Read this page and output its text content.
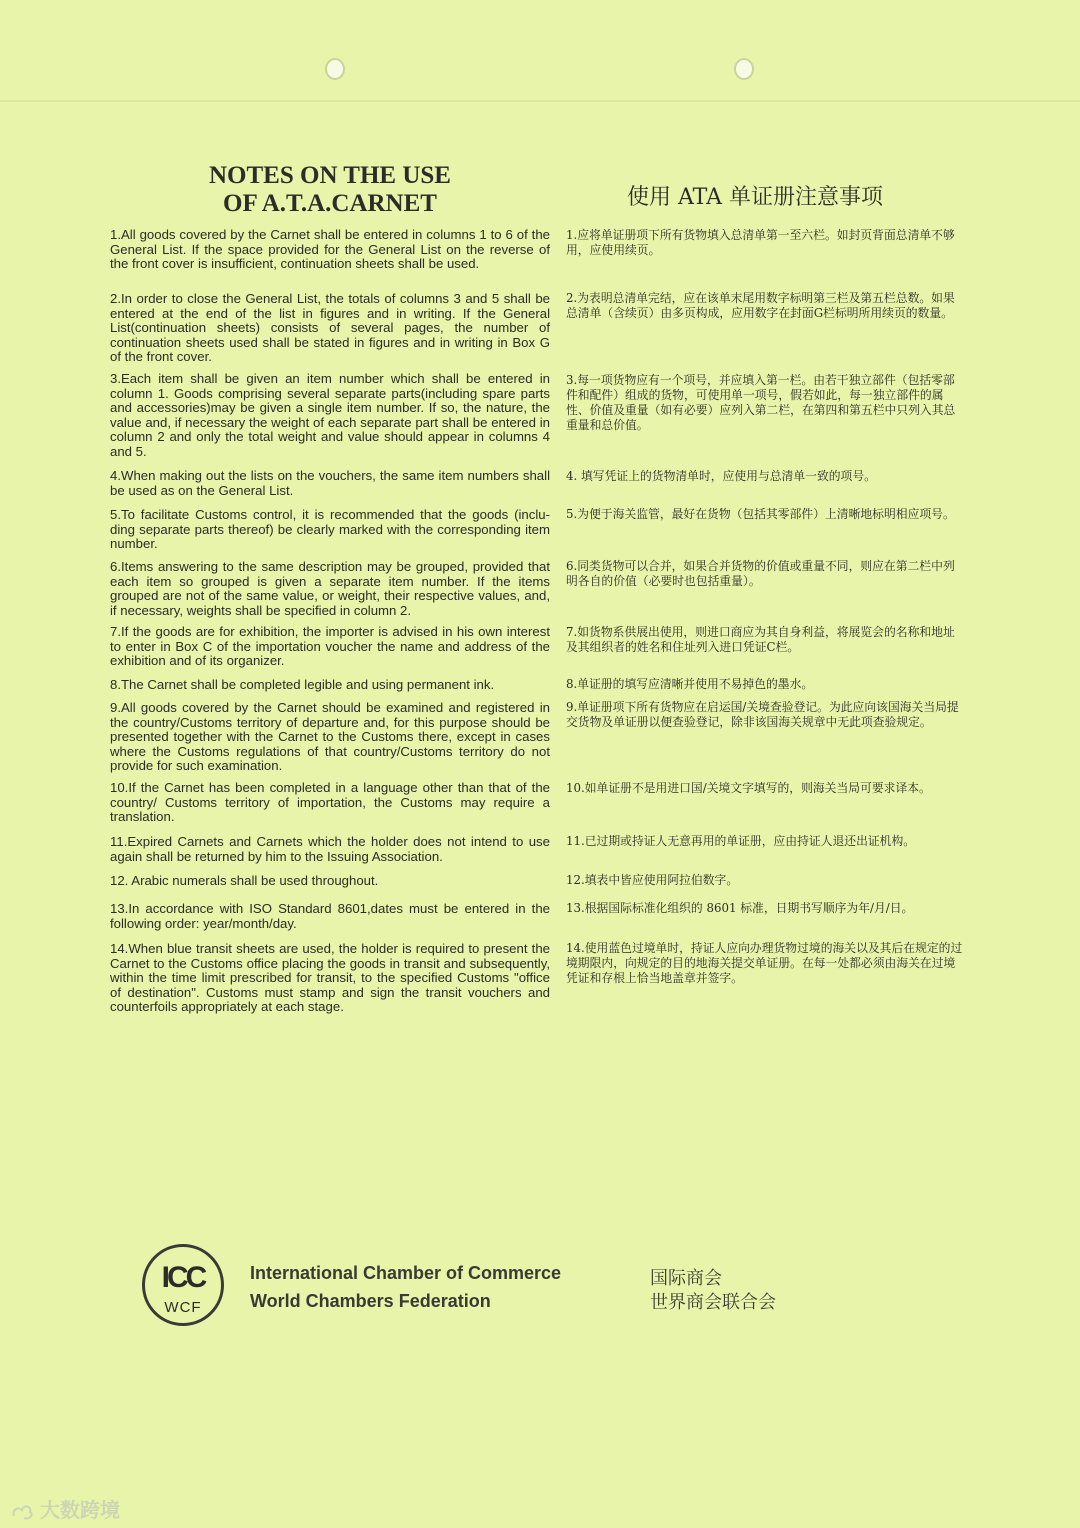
NOTES ON THE USE
OF A.T.A.CARNET	使用 ATA 单证册注意事项
1.All goods covered by the Carnet shall be entered in columns 1 to 6 of the General List. If the space provided for the General List on the reverse of the front cover is insufficient, continuation sheets shall be used.
2.In order to close the General List, the totals of columns 3 and 5 shall be entered at the end of the list in figures and in writing. If the General List(continuation sheets) consists of several pages, the number of continuation sheets used shall be stated in figures and in writing in Box G of the front cover.
3.Each item shall be given an item number which shall be entered in column 1. Goods comprising several separate parts(including spare parts and accessories)may be given a single item number. If so, the nature, the value and, if necessary the weight of each separate part shall be entered in column 2 and only the total weight and value should appear in columns 4 and 5.
4.When making out the lists on the vouchers, the same item numbers shall be used as on the General List.
5.To facilitate Customs control, it is recommended that the goods (inclu-ding separate parts thereof) be clearly marked with the corresponding item number.
6.Items answering to the same description may be grouped, provided that each item so grouped is given a separate item number. If the items grouped are not of the same value, or weight, their respective values, and, if necessary, weights shall be specified in column 2.
7.If the goods are for exhibition, the importer is advised in his own interest to enter in Box C of the importation voucher the name and address of the exhibition and of its organizer.
8.The Carnet shall be completed legible and using permanent ink.
9.All goods covered by the Carnet should be examined and registered in the country/Customs territory of departure and, for this purpose should be presented together with the Carnet to the Customs there, except in cases where the Customs regulations of that country/Customs territory do not provide for such examination.
10.If the Carnet has been completed in a language other than that of the country/ Customs territory of importation, the Customs may require a translation.
11.Expired Carnets and Carnets which the holder does not intend to use again shall be returned by him to the Issuing Association.
12. Arabic numerals shall be used throughout.
13.In accordance with ISO Standard 8601,dates must be entered in the following order: year/month/day.
14.When blue transit sheets are used, the holder is required to present the Carnet to the Customs office placing the goods in transit and subsequently, within the time limit prescribed for transit, to the specified Customs "office of destination". Customs must stamp and sign the transit vouchers and counterfoils appropriately at each stage.
1.应将单证册项下所有货物填入总清单第一至六栏。如封页背面总清单不够用，应使用续页。
2.为表明总清单完结，应在该单末尾用数字标明第三栏及第五栏总数。如果总清单（含续页）由多页构成，应用数字在封面G栏标明所用续页的数量。
3.每一项货物应有一个项号，并应填入第一栏。由若干独立部件（包括零部件和配件）组成的货物，可使用单一项号，假若如此，每一独立部件的属性、价值及重量（如有必要）应列入第二栏，在第四和第五栏中只列入其总重量和总价值。
4. 填写凭证上的货物清单时，应使用与总清单一致的项号。
5.为便于海关监管，最好在货物（包括其零部件）上清晰地标明相应项号。
6.同类货物可以合并，如果合并货物的价值或重量不同，则应在第二栏中列明各自的价值（必要时也包括重量）。
7.如货物系供展出使用，则进口商应为其自身利益，将展览会的名称和地址及其组织者的姓名和住址列入进口凭证C栏。
8.单证册的填写应清晰并使用不易掉色的墨水。
9.单证册项下所有货物应在启运国/关境查验登记。为此应向该国海关当局提交货物及单证册以便查验登记，除非该国海关规章中无此项查验规定。
10.如单证册不是用进口国/关境文字填写的，则海关当局可要求译本。
11.已过期或持证人无意再用的单证册，应由持证人退还出证机构。
12.填表中皆应使用阿拉伯数字。
13.根据国际标准化组织的 8601 标准，日期书写顺序为年/月/日。
14.使用蓝色过境单时，持证人应向办理货物过境的海关以及其后在规定的过境期限内，向规定的目的地海关提交单证册。在每一处都必须由海关在过境凭证和存根上恰当地盖章并签字。
ICC
WCF
International Chamber of Commerce
World Chambers Federation
国际商会
世界商会联合会
大数跨境
